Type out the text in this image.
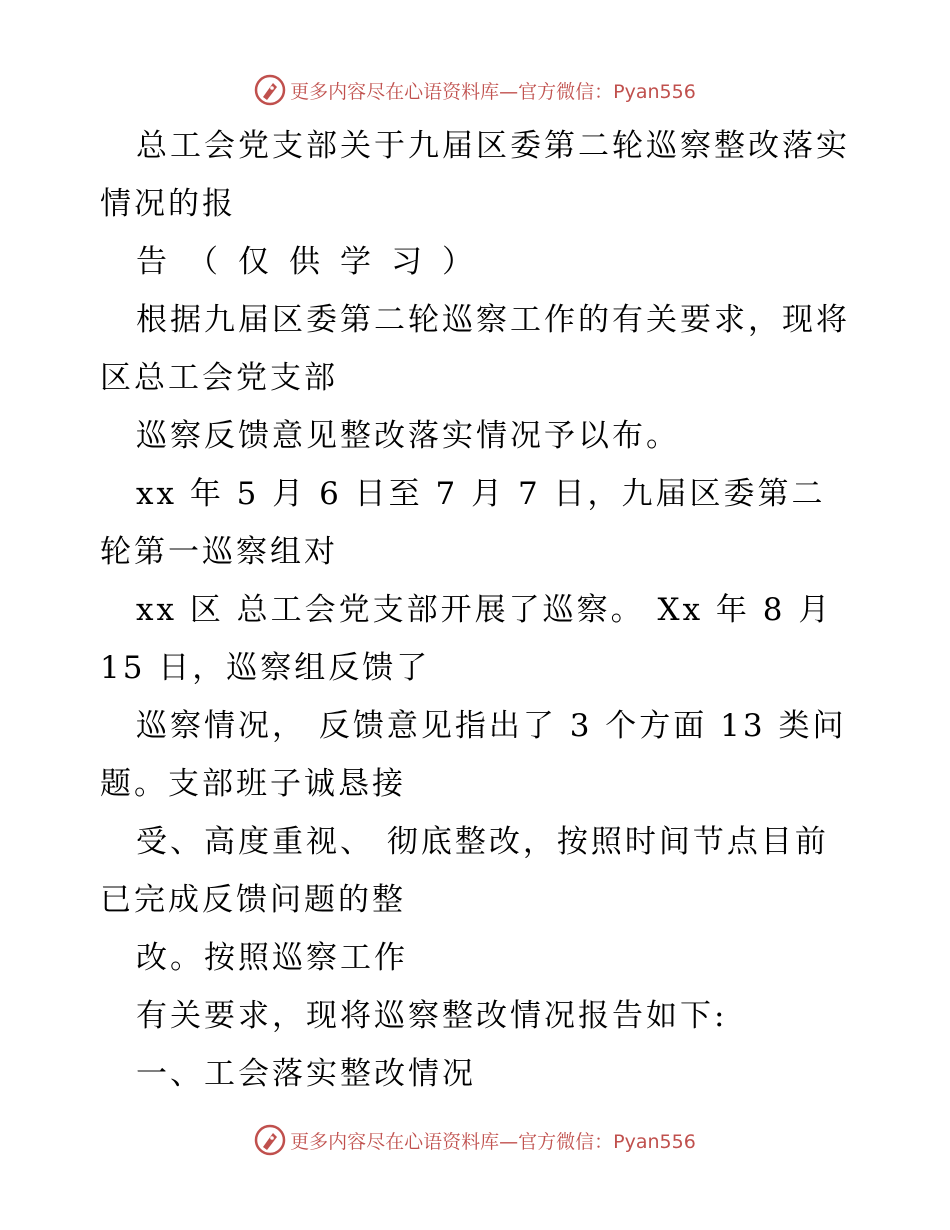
更多内容尽在心语资料库—官方微信：Pyan556
总工会党支部关于九届区委第二轮巡察整改落实
情况的报
告（仅供学习）
根据九届区委第二轮巡察工作的有关要求，现将
区总工会党支部
巡察反馈意见整改落实情况予以布。
xx 年 5 月 6 日至 7 月 7 日，九届区委第二
轮第一巡察组对
xx 区 总工会党支部开展了巡察。 Xx 年 8 月
15 日，巡察组反馈了
巡察情况， 反馈意见指出了 3 个方面 13 类问
题。支部班子诚恳接
受、高度重视、 彻底整改，按照时间节点目前
已完成反馈问题的整
改。按照巡察工作
有关要求，现将巡察整改情况报告如下:
一、工会落实整改情况
更多内容尽在心语资料库—官方微信：Pyan556
